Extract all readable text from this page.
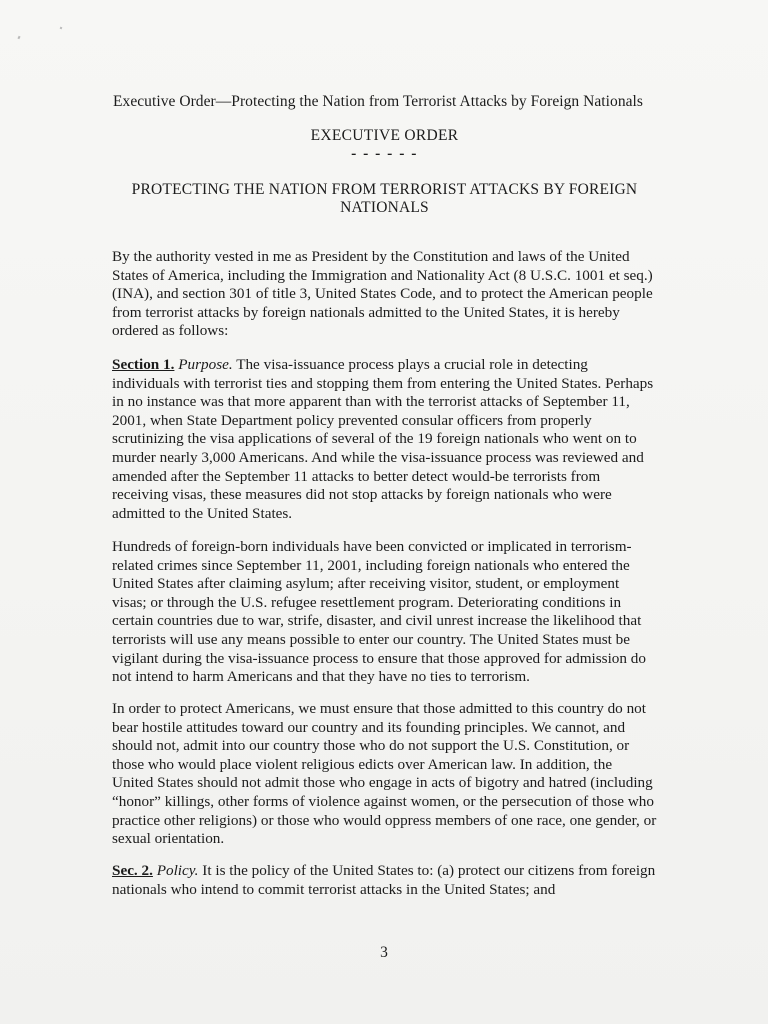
Executive Order—Protecting the Nation from Terrorist Attacks by Foreign Nationals
EXECUTIVE ORDER
- - - - - -
PROTECTING THE NATION FROM TERRORIST ATTACKS BY FOREIGN NATIONALS

By the authority vested in me as President by the Constitution and laws of the United States of America, including the Immigration and Nationality Act (8 U.S.C. 1001 et seq.) (INA), and section 301 of title 3, United States Code, and to protect the American people from terrorist attacks by foreign nationals admitted to the United States, it is hereby ordered as follows:

Section 1. Purpose. The visa-issuance process plays a crucial role in detecting individuals with terrorist ties and stopping them from entering the United States. Perhaps in no instance was that more apparent than with the terrorist attacks of September 11, 2001, when State Department policy prevented consular officers from properly scrutinizing the visa applications of several of the 19 foreign nationals who went on to murder nearly 3,000 Americans. And while the visa-issuance process was reviewed and amended after the September 11 attacks to better detect would-be terrorists from receiving visas, these measures did not stop attacks by foreign nationals who were admitted to the United States.

Hundreds of foreign-born individuals have been convicted or implicated in terrorism-related crimes since September 11, 2001, including foreign nationals who entered the United States after claiming asylum; after receiving visitor, student, or employment visas; or through the U.S. refugee resettlement program. Deteriorating conditions in certain countries due to war, strife, disaster, and civil unrest increase the likelihood that terrorists will use any means possible to enter our country. The United States must be vigilant during the visa-issuance process to ensure that those approved for admission do not intend to harm Americans and that they have no ties to terrorism.

In order to protect Americans, we must ensure that those admitted to this country do not bear hostile attitudes toward our country and its founding principles. We cannot, and should not, admit into our country those who do not support the U.S. Constitution, or those who would place violent religious edicts over American law. In addition, the United States should not admit those who engage in acts of bigotry and hatred (including “honor” killings, other forms of violence against women, or the persecution of those who practice other religions) or those who would oppress members of one race, one gender, or sexual orientation.

Sec. 2. Policy. It is the policy of the United States to: (a) protect our citizens from foreign nationals who intend to commit terrorist attacks in the United States; and

3
